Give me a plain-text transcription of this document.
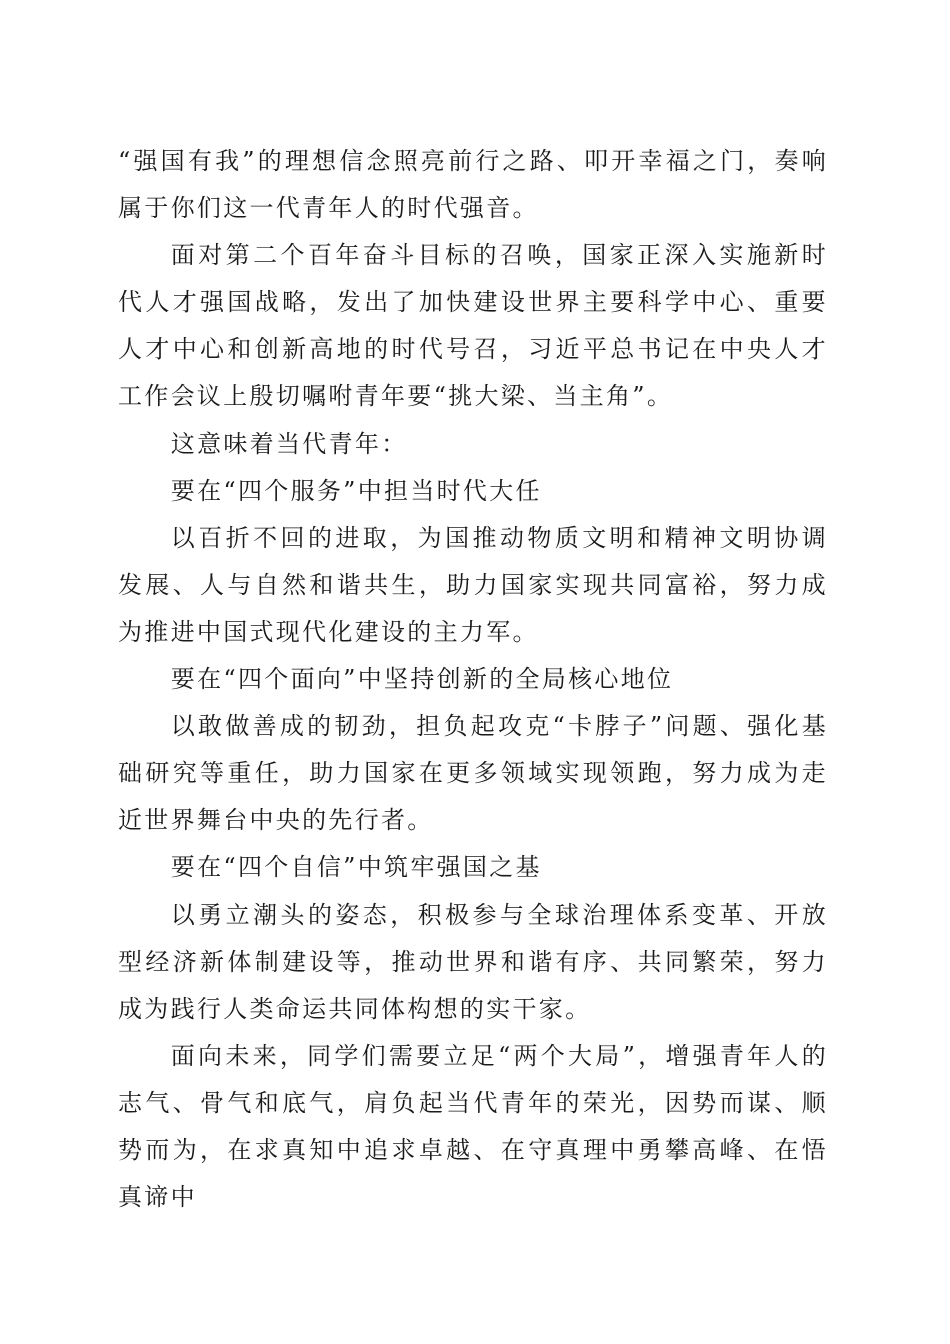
“强国有我”的理想信念照亮前行之路、叩开幸福之门，奏响属于你们这一代青年人的时代强音。

面对第二个百年奋斗目标的召唤，国家正深入实施新时代人才强国战略，发出了加快建设世界主要科学中心、重要人才中心和创新高地的时代号召，习近平总书记在中央人才工作会议上殷切嘱咐青年要“挑大梁、当主角”。

这意味着当代青年：

要在“四个服务”中担当时代大任

以百折不回的进取，为国推动物质文明和精神文明协调发展、人与自然和谐共生，助力国家实现共同富裕，努力成为推进中国式现代化建设的主力军。

要在“四个面向”中坚持创新的全局核心地位

以敢做善成的韧劲，担负起攻克“卡脖子”问题、强化基础研究等重任，助力国家在更多领域实现领跑，努力成为走近世界舞台中央的先行者。

要在“四个自信”中筑牢强国之基

以勇立潮头的姿态，积极参与全球治理体系变革、开放型经济新体制建设等，推动世界和谐有序、共同繁荣，努力成为践行人类命运共同体构想的实干家。

面向未来，同学们需要立足“两个大局”，增强青年人的志气、骨气和底气，肩负起当代青年的荣光，因势而谋、顺势而为，在求真知中追求卓越、在守真理中勇攀高峰、在悟真谛中
